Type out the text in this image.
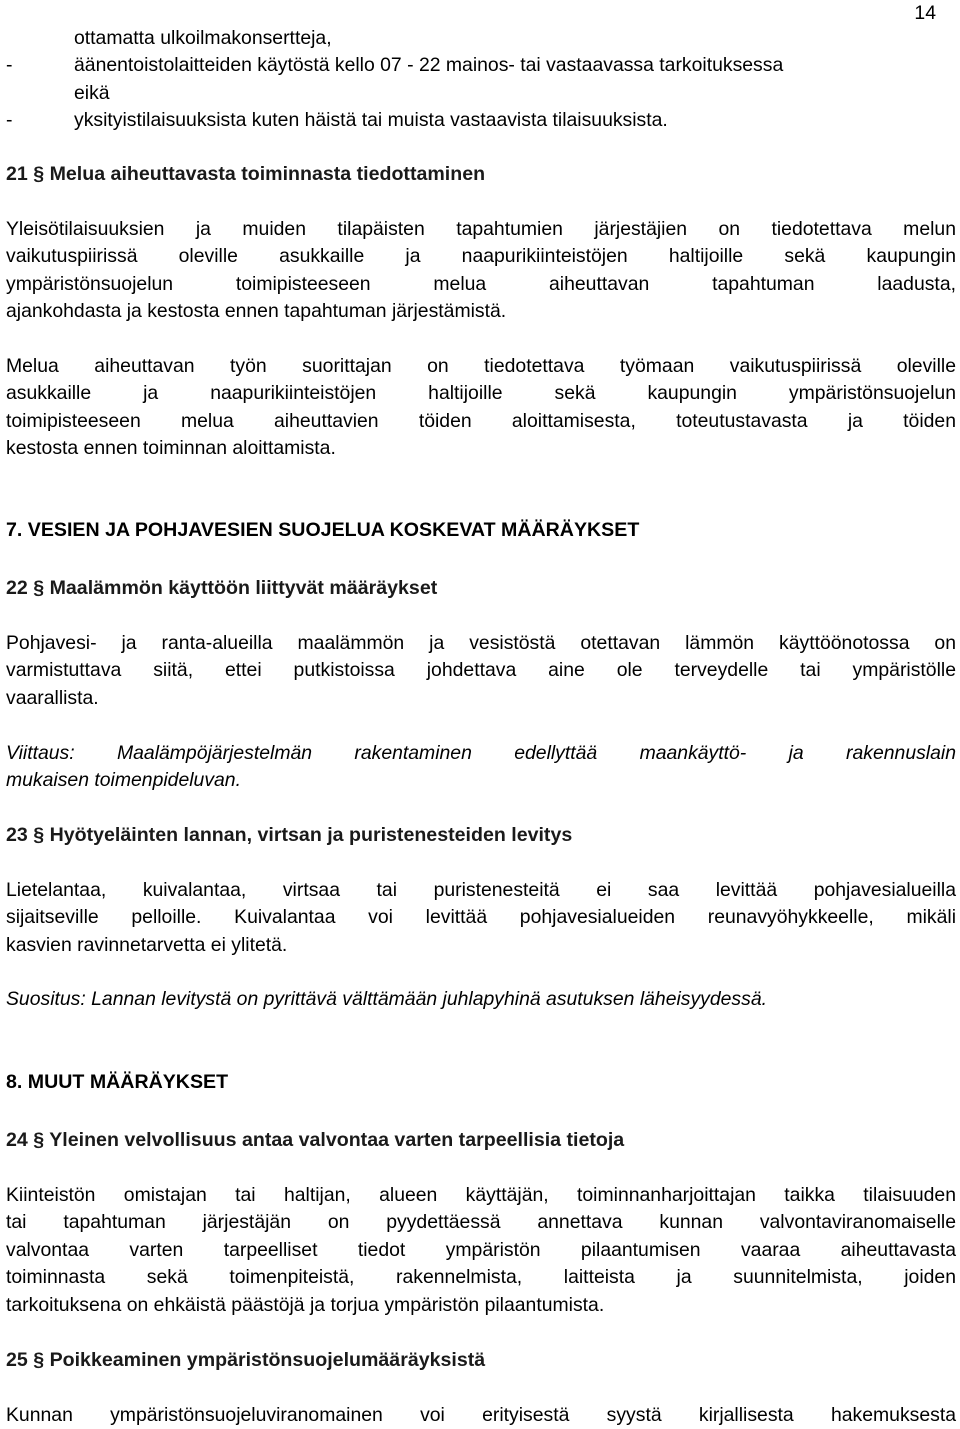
14

ottamatta ulkoilmakonsertteja,

-	äänentoistolaitteiden käytöstä kello 07 - 22 mainos- tai vastaavassa tarkoituksessa
eikä
-	yksityistilaisuuksista kuten häistä tai muista vastaavista tilaisuuksista.

21 § Melua aiheuttavasta toiminnasta tiedottaminen

Yleisötilaisuuksien ja muiden tilapäisten tapahtumien järjestäjien on tiedotettava melun

vaikutuspiirissä oleville asukkaille ja naapurikiinteistöjen haltijoille sekä kaupungin

ympäristönsuojelun toimipisteeseen melua aiheuttavan tapahtuman laadusta,

ajankohdasta ja kestosta ennen tapahtuman järjestämistä.

Melua aiheuttavan työn suorittajan on tiedotettava työmaan vaikutuspiirissä oleville

asukkaille ja naapurikiinteistöjen haltijoille sekä kaupungin ympäristönsuojelun

toimipisteeseen melua aiheuttavien töiden aloittamisesta, toteutustavasta ja töiden

kestosta ennen toiminnan aloittamista.

7. VESIEN JA POHJAVESIEN SUOJELUA KOSKEVAT MÄÄRÄYKSET

22 § Maalämmön käyttöön liittyvät määräykset

Pohjavesi- ja ranta-alueilla maalämmön ja vesistöstä otettavan lämmön käyttöönotossa on

varmistuttava siitä, ettei putkistoissa johdettava aine ole terveydelle tai ympäristölle

vaarallista.

Viittaus: Maalämpöjärjestelmän rakentaminen edellyttää maankäyttö- ja rakennuslain

mukaisen toimenpideluvan.

23 § Hyötyeläinten lannan, virtsan ja puristenesteiden levitys

Lietelantaa, kuivalantaa, virtsaa tai puristenesteitä ei saa levittää pohjavesialueilla

sijaitseville pelloille. Kuivalantaa voi levittää pohjavesialueiden reunavyöhykkeelle, mikäli

kasvien ravinnetarvetta ei ylitetä.

Suositus: Lannan levitystä on pyrittävä välttämään juhlapyhinä asutuksen läheisyydessä.

8. MUUT MÄÄRÄYKSET

24 § Yleinen velvollisuus antaa valvontaa varten tarpeellisia tietoja

Kiinteistön omistajan tai haltijan, alueen käyttäjän, toiminnanharjoittajan taikka tilaisuuden

tai tapahtuman järjestäjän on pyydettäessä annettava kunnan valvontaviranomaiselle

valvontaa varten tarpeelliset tiedot ympäristön pilaantumisen vaaraa aiheuttavasta

toiminnasta sekä toimenpiteistä, rakennelmista, laitteista ja suunnitelmista, joiden

tarkoituksena on ehkäistä päästöjä ja torjua ympäristön pilaantumista.

25 § Poikkeaminen ympäristönsuojelumääräyksistä

Kunnan ympäristönsuojeluviranomainen voi erityisestä syystä kirjallisesta hakemuksesta
